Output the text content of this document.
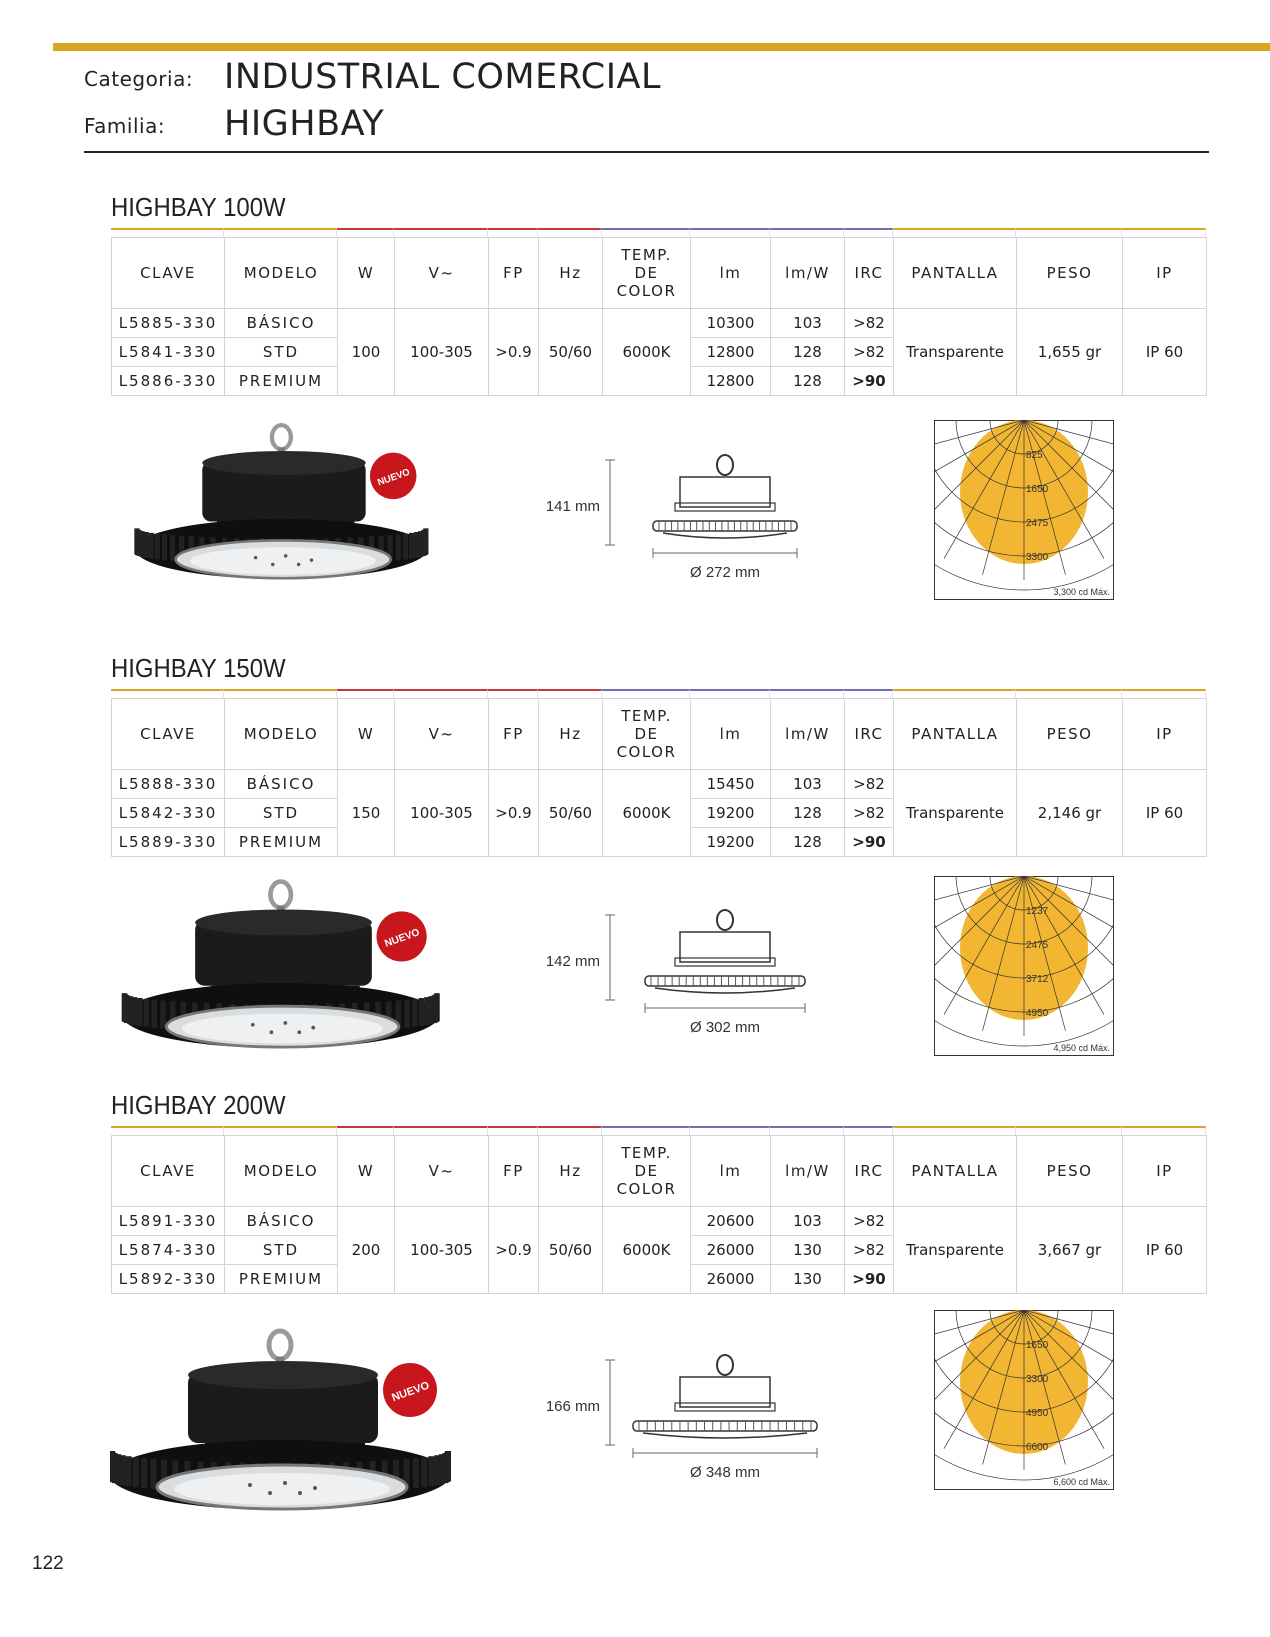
Categoria: INDUSTRIAL COMERCIAL
Familia: HIGHBAY
HIGHBAY 100W
CLAVE	MODELO	W	V~	FP	Hz	TEMP.
DE
COLOR	lm	lm/W	IRC	PANTALLA	PESO	IP
L5885-330	BÁSICO	100	100-305	>0.9	50/60	6000K	10300	103	>82	Transparente	1,655 gr	IP 60
L5841-330	STD						12800	128	>82			
L5886-330	PREMIUM						12800	128	>90			
HIGHBAY 150W
CLAVE	MODELO	W	V~	FP	Hz	TEMP.
DE
COLOR	lm	lm/W	IRC	PANTALLA	PESO	IP
L5888-330	BÁSICO	150	100-305	>0.9	50/60	6000K	15450	103	>82	Transparente	2,146 gr	IP 60
L5842-330	STD						19200	128	>82			
L5889-330	PREMIUM						19200	128	>90			
HIGHBAY 200W
CLAVE	MODELO	W	V~	FP	Hz	TEMP.
DE
COLOR	lm	lm/W	IRC	PANTALLA	PESO	IP
L5891-330	BÁSICO	200	100-305	>0.9	50/60	6000K	20600	103	>82	Transparente	3,667 gr	IP 60
L5874-330	STD						26000	130	>82			
L5892-330	PREMIUM						26000	130	>90			
122
NUEVO
141 mm
Ø 272 mm
825
1650
2475
3300
3,300 cd Máx.
NUEVO
142 mm
Ø 302 mm
1237
2475
3712
4950
4,950 cd Máx.
NUEVO
166 mm
Ø 348 mm
1650
3300
4950
6600
6,600 cd Máx.
